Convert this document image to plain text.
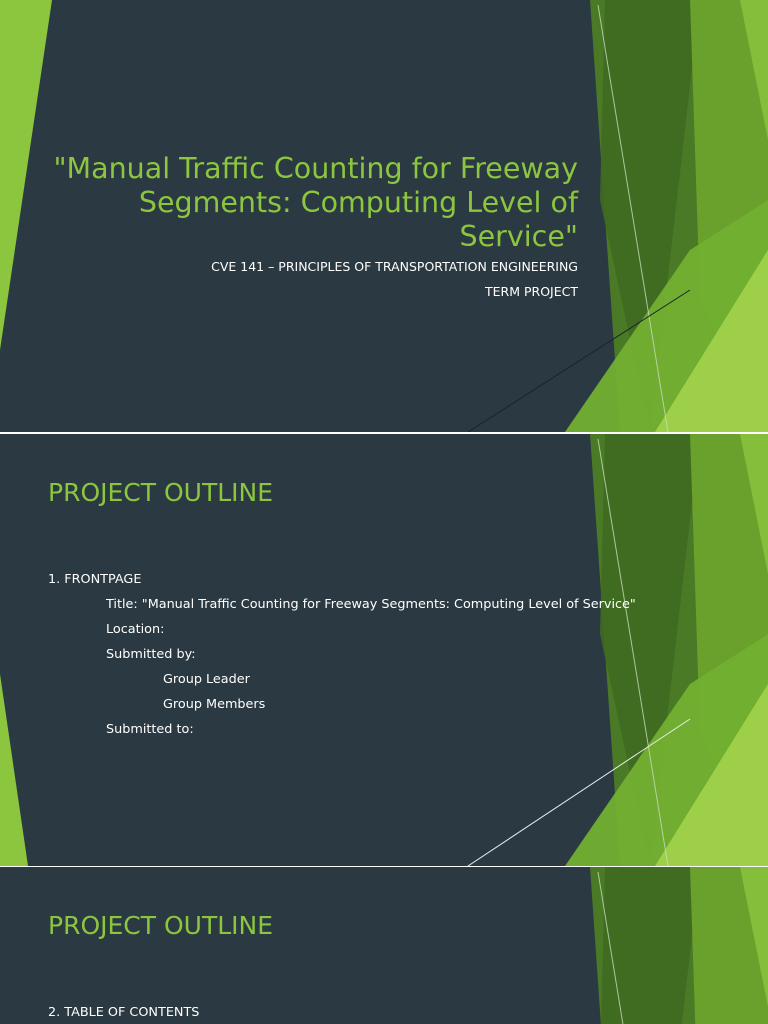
"Manual Traffic Counting for Freeway Segments: Computing Level of Service"
CVE 141 – PRINCIPLES OF TRANSPORTATION ENGINEERING
TERM PROJECT
PROJECT OUTLINE
1. FRONTPAGE
Title: "Manual Traffic Counting for Freeway Segments: Computing Level of Service"
Location:
Submitted by:
Group Leader
Group Members
Submitted to:
PROJECT OUTLINE
2. TABLE OF CONTENTS
